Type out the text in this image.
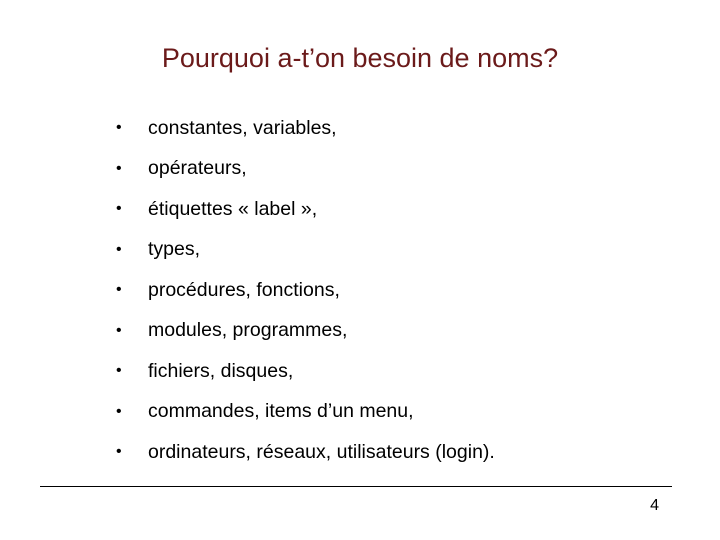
Pourquoi a-t’on besoin de noms?
•	constantes, variables,
•	opérateurs,
•	étiquettes « label »,
•	types,
•	procédures, fonctions,
•	modules, programmes,
•	fichiers, disques,
•	commandes, items d’un menu,
•	ordinateurs, réseaux, utilisateurs (login).
4
